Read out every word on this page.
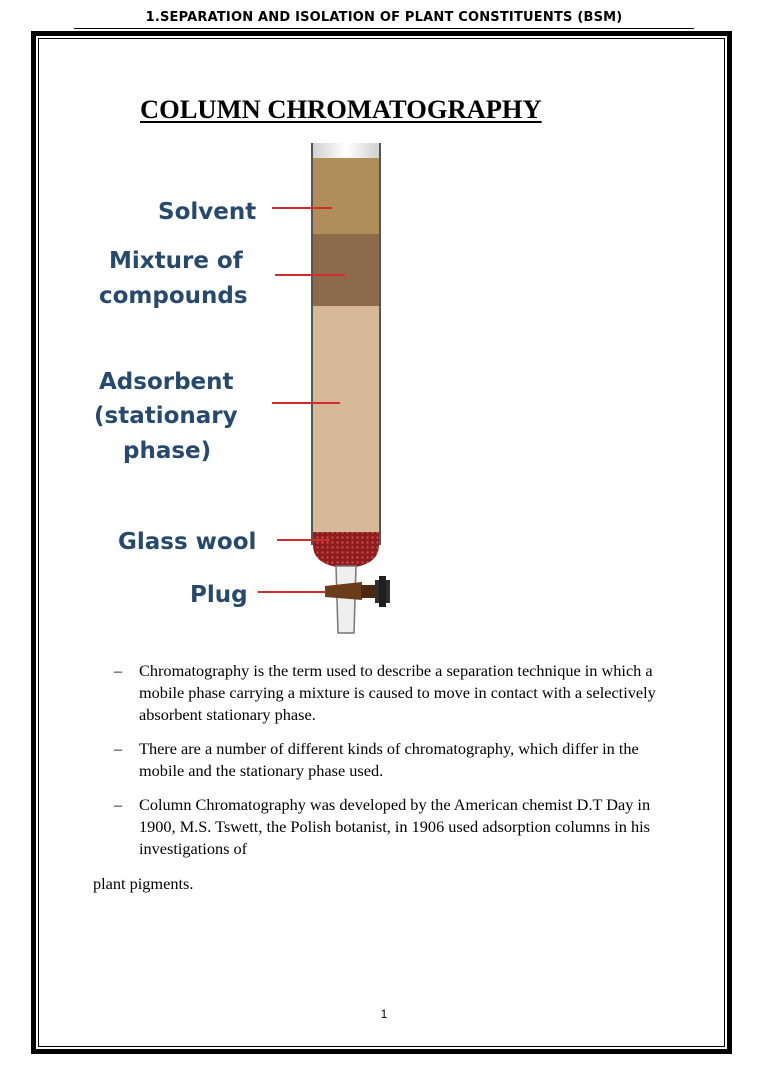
1.SEPARATION AND ISOLATION OF PLANT CONSTITUENTS (BSM)
COLUMN CHROMATOGRAPHY
Solvent
Mixture of
compounds
Adsorbent
(stationary
phase)
Glass wool
Plug
– Chromatography is the term used to describe a separation technique in which a mobile phase carrying a mixture is caused to move in contact with a selectively absorbent stationary phase.
– There are a number of different kinds of chromatography, which differ in the mobile and the stationary phase used.
– Column Chromatography was developed by the American chemist D.T Day in 1900, M.S. Tswett, the Polish botanist, in 1906 used adsorption columns in his investigations of
plant pigments.
1
